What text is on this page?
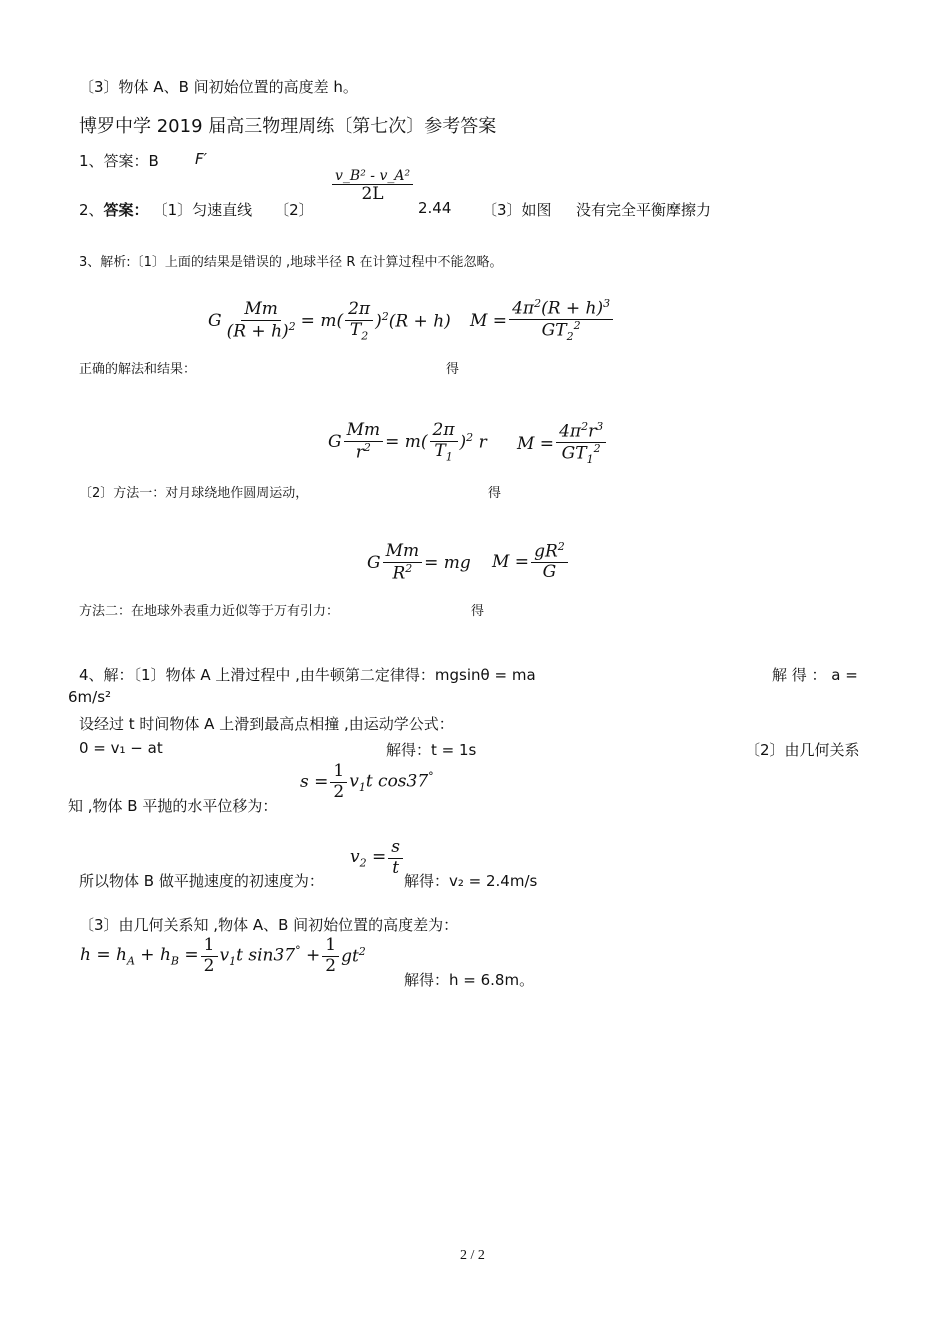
〔3〕物体 A、B 间初始位置的高度差 h。
博罗中学 2019 届高三物理周练〔第七次〕参考答案
1、答案：B F′
2、 答案： 〔1〕匀速直线 〔2〕
$\frac{\text{v\_B² - v\_A²}}{2L}$
2.44 〔3〕如图 没有完全平衡摩擦力
3、解析:〔1〕上面的结果是错误的 ,地球半径 R 在计算过程中不能忽略。
G $\frac{Mm}{(R + h)^2} = m( \frac{2\pi}{T_2} )^2(R + h) M = \frac{4\pi^2(R + h)^3}{GT_2^2}$
正确的解法和结果：	得
G $\frac{Mm}{r^2} = m( \frac{2\pi}{T_1} )^2$ r $M = \frac{4\pi^2r^3}{GT_1^2}$
〔2〕方法一：对月球绕地作圆周运动，	得
G $\frac{Mm}{R^2}$ = mg $M = \frac{gR^2}{G}$
方法二：在地球外表重力近似等于万有引力：	得
4、解：〔1〕物体 A 上滑过程中 ,由牛顿第二定律得：mgsinθ = ma	解 得 ： a =
6m/s²
设经过 t 时间物体 A 上滑到最高点相撞 ,由运动学公式：
0 = v₁ − at	解得：t = 1s	〔2〕由几何关系
$s = \frac{1}{2} v_1t$ cos37°
知 ,物体 B 平抛的水平位移为：
$v_2 = \frac{s}{t}$
所以物体 B 做平抛速度的初速度为：	解得：v₂ = 2.4m/s
〔3〕由几何关系知 ,物体 A、B 间初始位置的高度差为：
$h = h_A + h_B = \frac{1}{2} v_1t$ $\sin 37^\circ + \frac{1}{2} gt^2$
解得：h = 6.8m。
2 / 2
